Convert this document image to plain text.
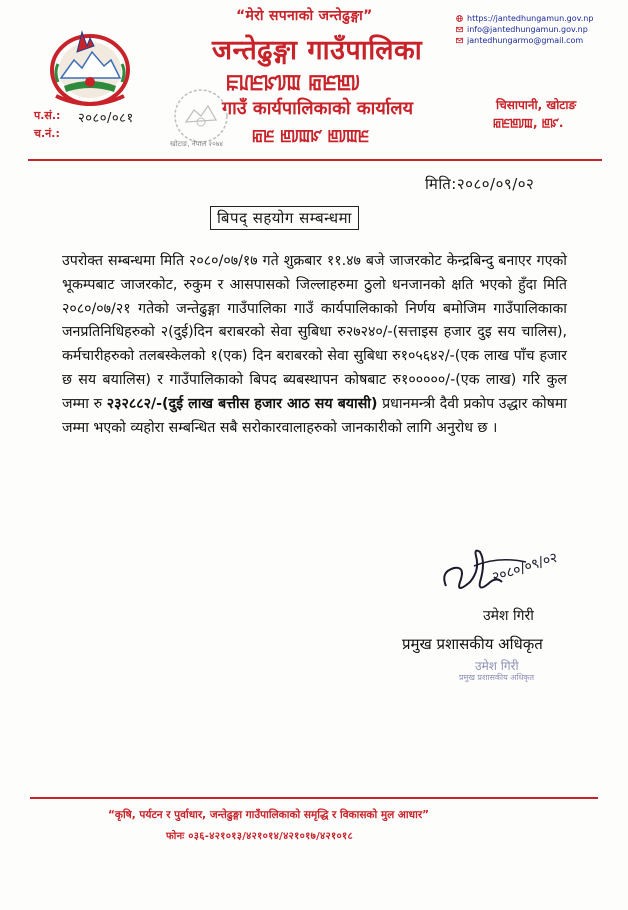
“मेरो सपनाको जन्तेढुङ्गा”
जन्तेढुङ्गा गाउँपालिका
ꡀꡊꡈꡜꡨꡉ ꡂꡈꡁꡨ
गाउँ कार्यपालिकाको कार्यालय
ꡂꡈ ꡁꡨꡉꡜ ꡁꡨꡉꡈ
https://jantedhungamun.gov.np
info@jantedhungamun.gov.np
jantedhungarmo@gmail.com
प.सं.: २०८०/०८१
च.नं.:
खोटाङ, नेपाल २०७४
चिसापानी, खोटाङ
ꡂꡈꡁꡨꡉ, ꡁꡜ.
मिति:२०८०/०९/०२
बिपद् सहयोग सम्बन्धमा
उपरोक्त सम्बन्धमा मिति २०८०/०७/१७ गते शुक्रबार ११.४७ बजे जाजरकोट केन्द्रबिन्दु बनाएर गएको भूकम्पबाट जाजरकोट, रुकुम र आसपासको जिल्लाहरुमा ठुलो धनजानको क्षति भएको हुँदा मिति २०८०/०७/२१ गतेको जन्तेढुङ्गा गाउँपालिका गाउँ कार्यपालिकाको निर्णय बमोजिम गाउँपालिकाका जनप्रतिनिधिहरुको २(दुई)दिन बराबरको सेवा सुबिधा रु२७२४०/-(सत्ताइस हजार दुइ सय चालिस), कर्मचारीहरुको तलबस्केलको १(एक) दिन बराबरको सेवा सुबिधा रु१०५६४२/-(एक लाख पाँच हजार छ सय बयालिस) र गाउँपालिकाको बिपद ब्यबस्थापन कोषबाट रु१०००००/-(एक लाख) गरि कुल जम्मा रु २३२८८२/-(दुई लाख बत्तीस हजार आठ सय बयासी) प्रधानमन्त्री दैवी प्रकोप उद्धार कोषमा जम्मा भएको व्यहोरा सम्बन्धित सबै सरोकारवालाहरुको जानकारीको लागि अनुरोध छ ।
२०८०/०९/०२
उमेश गिरी
प्रमुख प्रशासकीय अधिकृत
उमेश गिरी
प्रमुख प्रशासकीय अधिकृत
“कृषि, पर्यटन र पुर्वाधार, जन्तेढुङ्गा गाउँपालिकाको समृद्धि र विकासको मुल आधार”
फोनः ०३६-४२१०१३/४२१०१४/४२१०१७/४२१०१८
